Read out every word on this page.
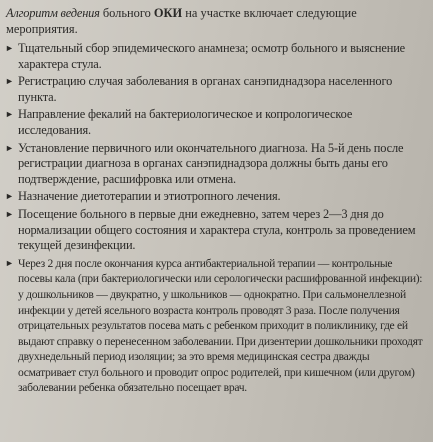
Алгоритм ведения больного ОКИ на участке включает следующие мероприятия.
► Тщательный сбор эпидемического анамнеза; осмотр больного и выяснение характера стула.
► Регистрацию случая заболевания в органах санэпиднадзора населенного пункта.
► Направление фекалий на бактериологическое и копрологическое исследования.
► Установление первичного или окончательного диагноза. На 5-й день после регистрации диагноза в органах санэпиднадзора должны быть даны его подтверждение, расшифровка или отмена.
► Назначение диетотерапии и этиотропного лечения.
► Посещение больного в первые дни ежедневно, затем через 2—3 дня до нормализации общего состояния и характера стула, контроль за проведением текущей дезинфекции.
► Через 2 дня после окончания курса антибактериальной терапии — контрольные посевы кала (при бактериологически или серологически расшифрованной инфекции): у дошкольников — двукратно, у школьников — однократно. При сальмонеллезной инфекции у детей ясельного возраста контроль проводят 3 раза. После получения отрицательных результатов посева мать с ребенком приходит в поликлинику, где ей выдают справку о перенесенном заболевании. При дизентерии дошкольники проходят двухнедельный период изоляции; за это время медицинская сестра дважды осматривает стул больного и проводит опрос родителей, при кишечном (или другом) заболевании ребенка обязательно посещает врач.
